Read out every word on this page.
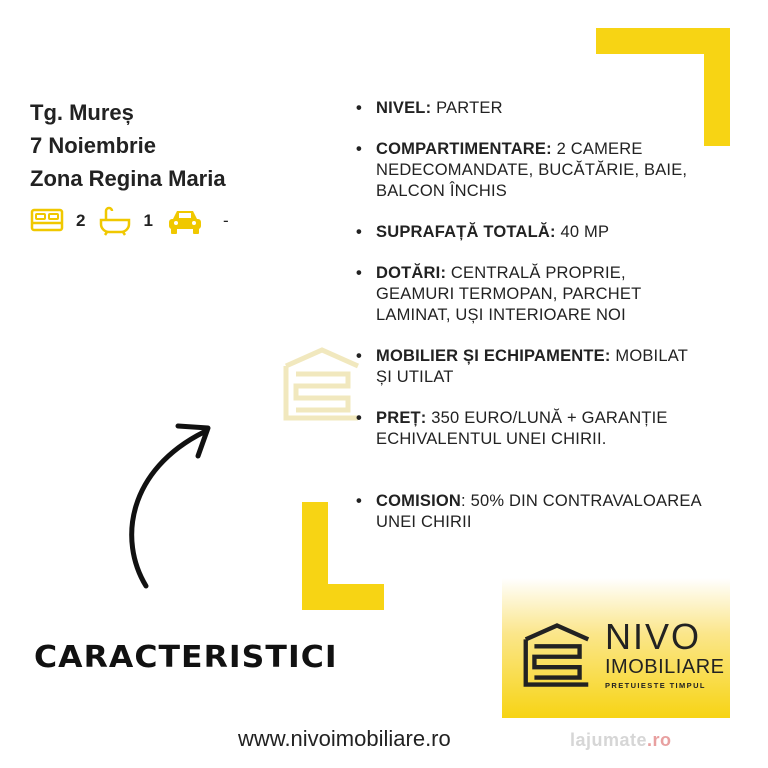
Tg. Mureș
7 Noiembrie
Zona Regina Maria
2	1	-
• NIVEL: PARTER
• COMPARTIMENTARE: 2 CAMERE NEDECOMANDATE, BUCĂTĂRIE, BAIE, BALCON ÎNCHIS
• SUPRAFAȚĂ TOTALĂ: 40 MP
• DOTĂRI: CENTRALĂ PROPRIE, GEAMURI TERMOPAN, PARCHET LAMINAT, UȘI INTERIOARE NOI
• MOBILIER ȘI ECHIPAMENTE: MOBILAT ȘI UTILAT
• PREȚ: 350 EURO/LUNĂ + GARANȚIE ECHIVALENTUL UNEI CHIRII.
• COMISION: 50% DIN CONTRAVALOAREA UNEI CHIRII
CARACTERISTICI
NIVO
IMOBILIARE
PRETUIESTE TIMPUL
www.nivoimobiliare.ro	lajumate.ro
